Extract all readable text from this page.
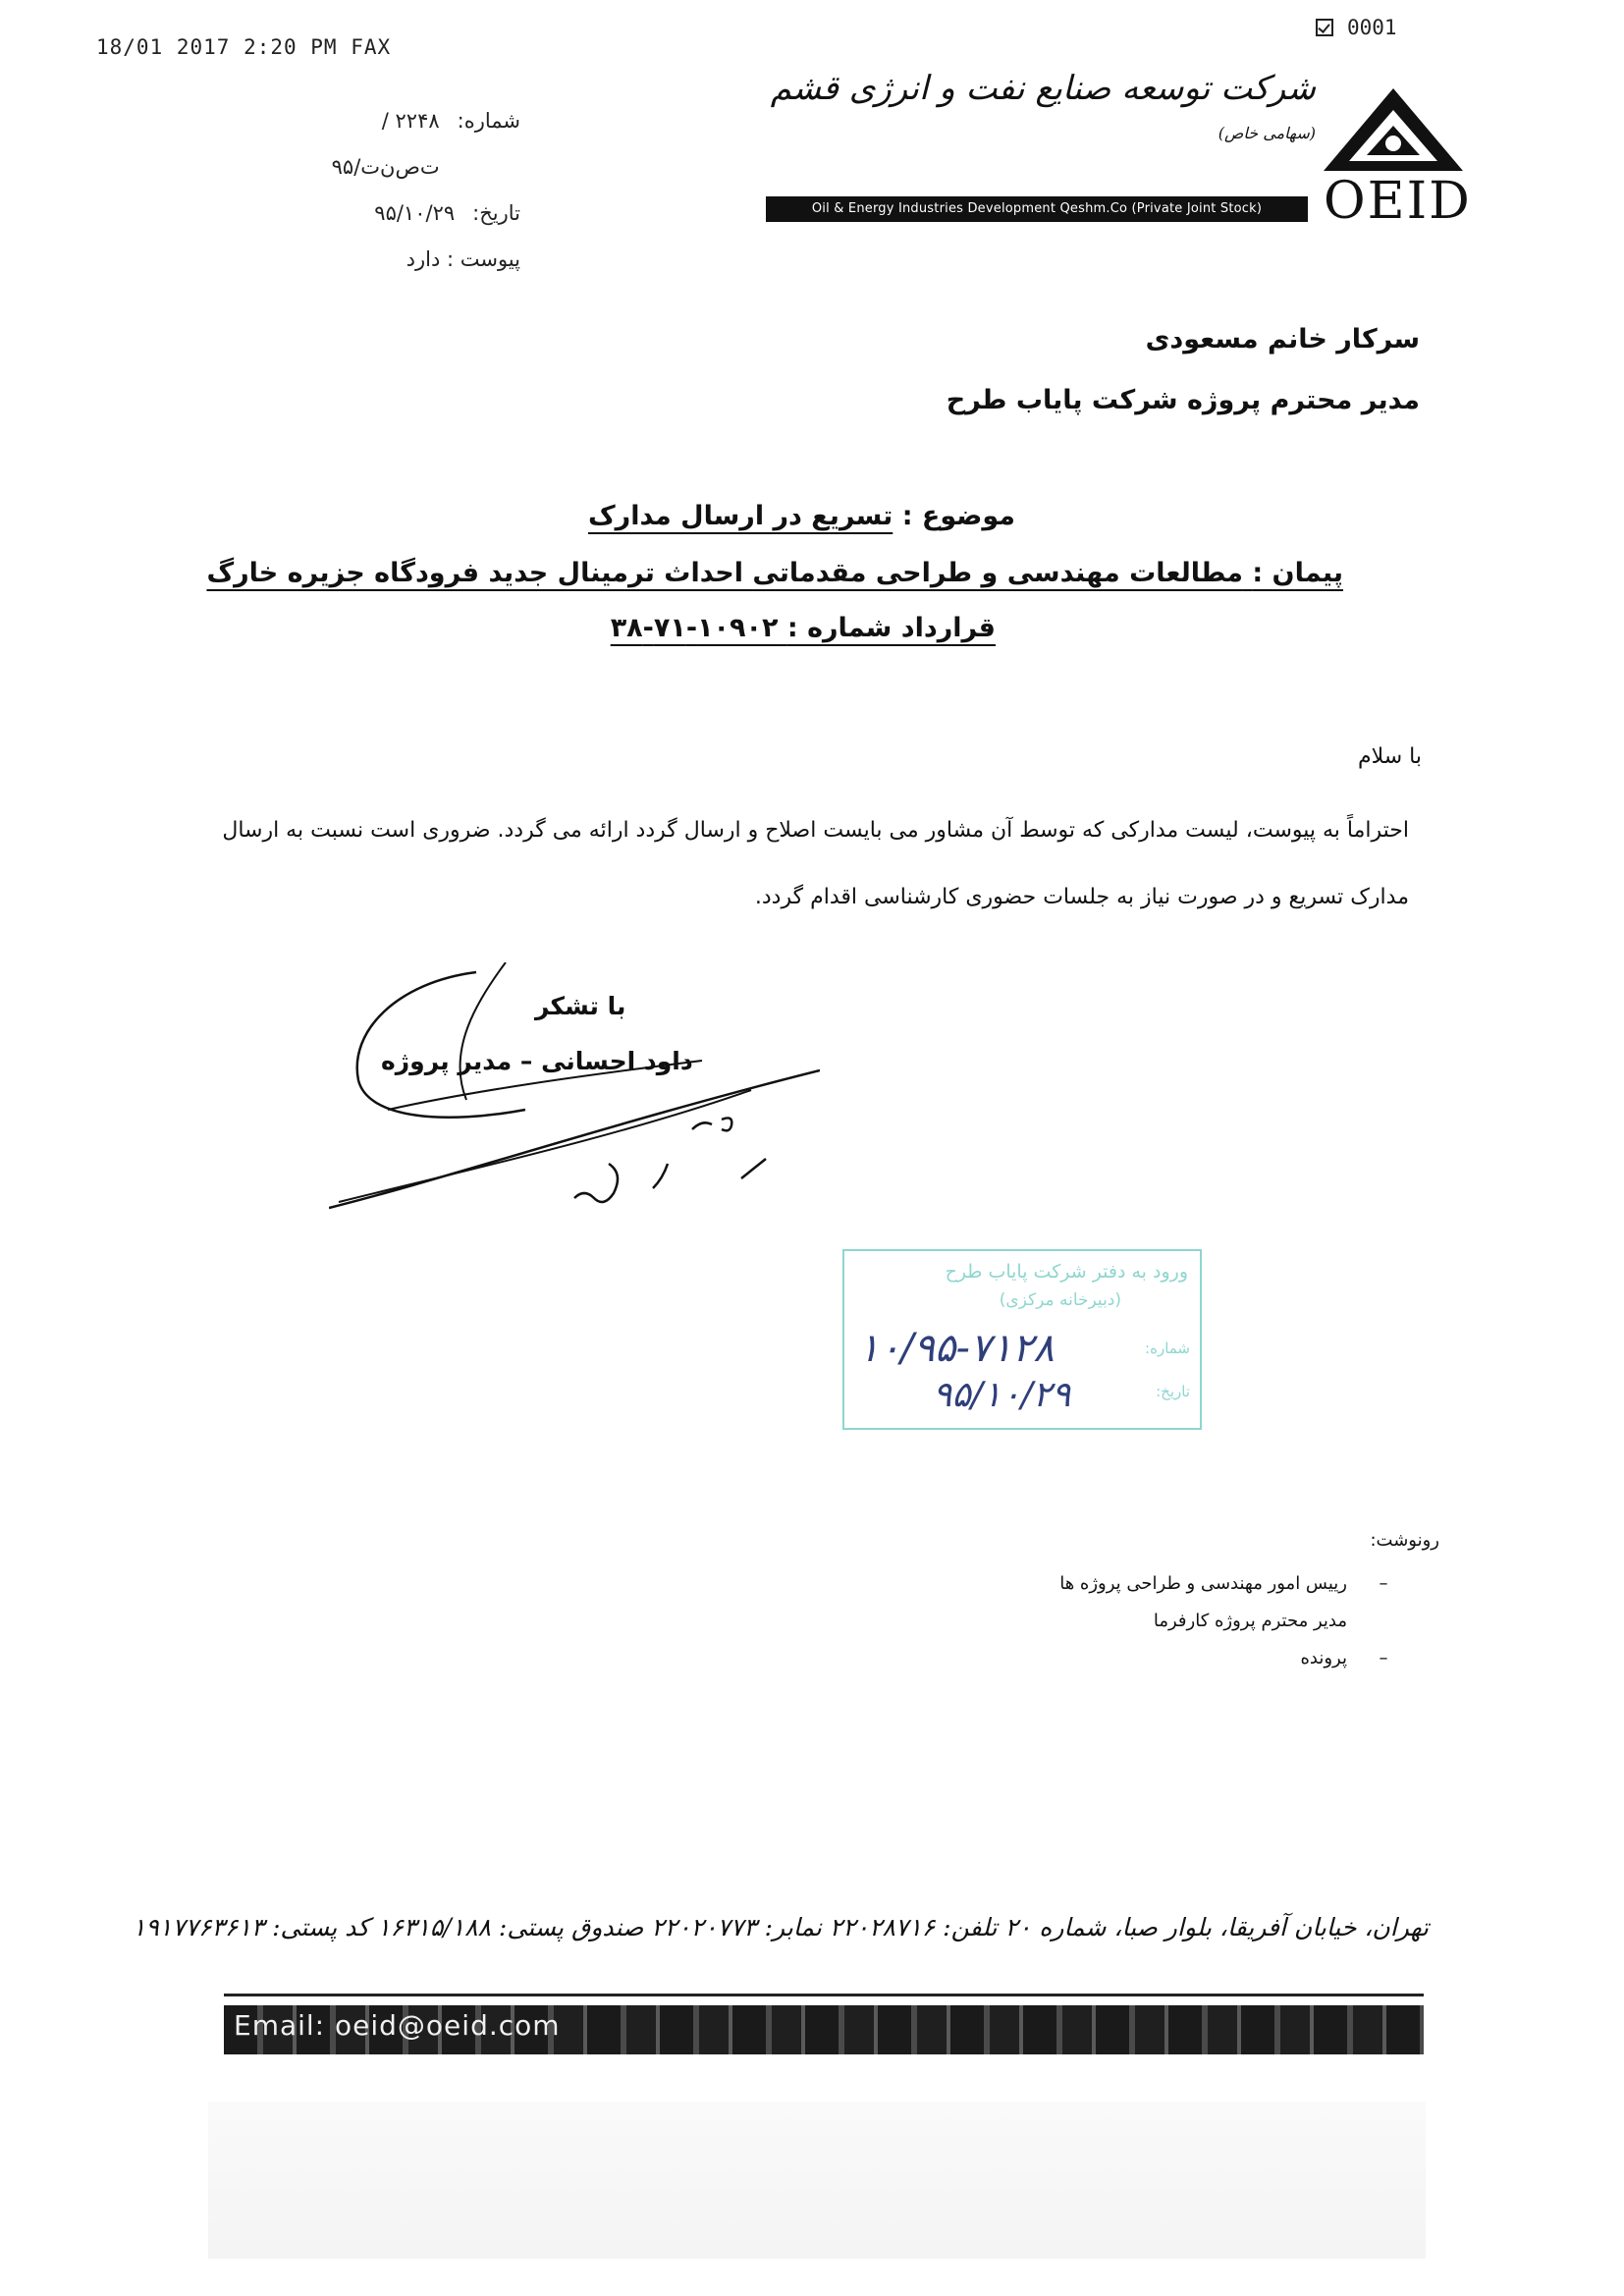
18/01 2017 2:20 PM FAX
0001
شماره:
۲۲۴۸ / ت‌ص‌ن‌ت/۹۵
تاریخ:
۹۵/۱۰/۲۹
پیوست : دارد
شرکت توسعه صنایع نفت و انرژی قشم (سهامی خاص)
Oil & Energy Industries Development Qeshm.Co (Private Joint Stock)	OEID
سرکار خانم مسعودی
مدیر محترم پروژه شرکت پایاب طرح
موضوع : تسریع در ارسال مدارک
پیمان : مطالعات مهندسی و طراحی مقدماتی احداث ترمینال جدید فرودگاه جزیره خارگ
قرارداد شماره : ۱۰۹۰۲-۷۱-۳۸
با سلام
احتراماً به پیوست، لیست مدارکی که توسط آن مشاور می بایست اصلاح و ارسال گردد ارائه می گردد. ضروری است نسبت به ارسال مدارک تسریع و در صورت نیاز به جلسات حضوری کارشناسی اقدام گردد.
با تشکر
داود احسانی – مدیر پروژه
ورود به دفتر شرکت پایاب طرح
(دبیرخانه مرکزی)
شماره:
تاریخ:
۱۰/۹۵-۷۱۲۸
۹۵/۱۰/۲۹
رونوشت:
–
رییس امور مهندسی و طراحی پروژه ها
مدیر محترم پروژه کارفرما
–
پرونده
تهران، خیابان آفریقا، بلوار صبا، شماره ۲۰ تلفن: ۲۲۰۲۸۷۱۶ نمابر: ۲۲۰۲۰۷۷۳ صندوق پستی: ۱۶۳۱۵/۱۸۸ کد پستی: ۱۹۱۷۷۶۳۶۱۳
Email: oeid@oeid.com
